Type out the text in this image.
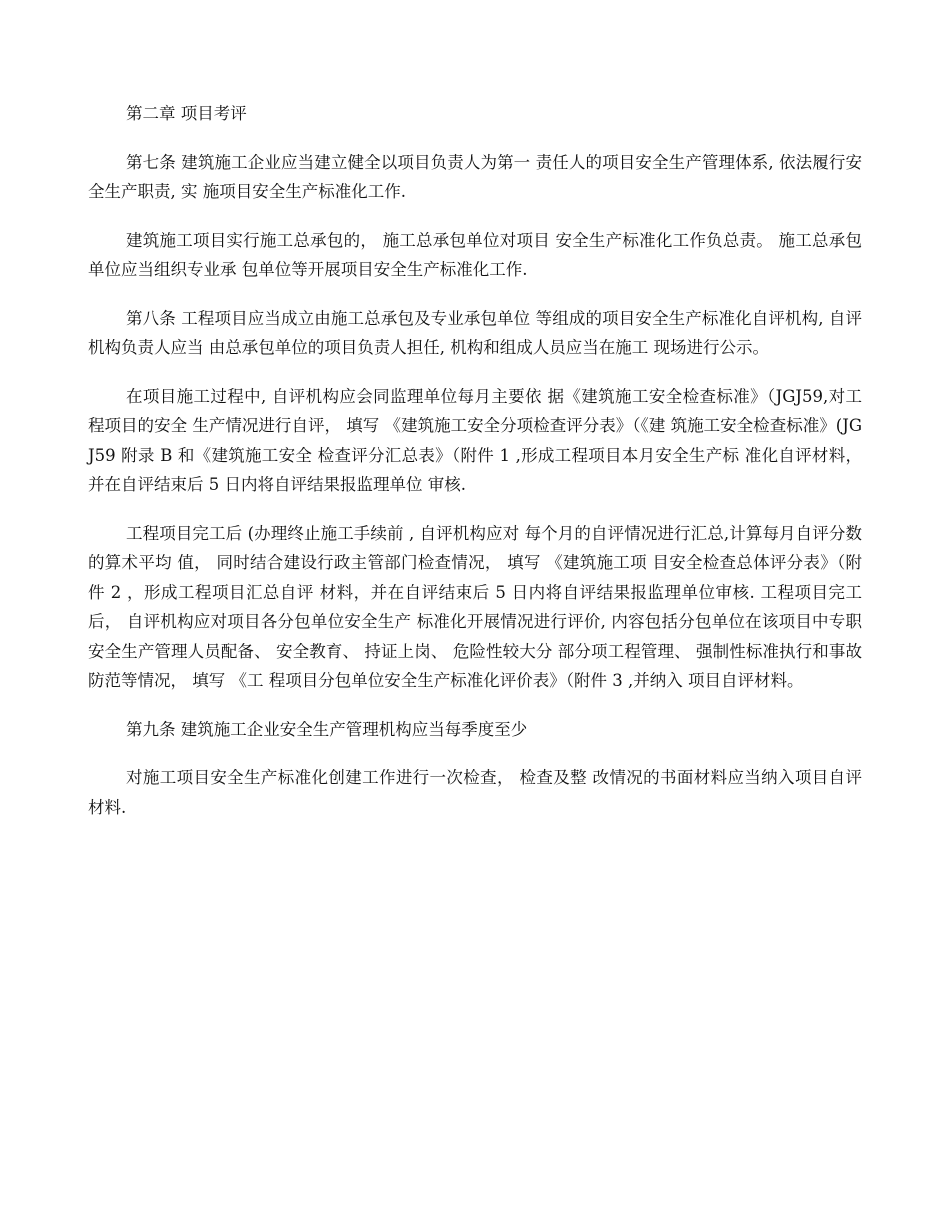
第二章 项目考评

第七条 建筑施工企业应当建立健全以项目负责人为第一 责任人的项目安全生产管理体系, 依法履行安全生产职责, 实 施项目安全生产标准化工作.

建筑施工项目实行施工总承包的， 施工总承包单位对项目 安全生产标准化工作负总责。 施工总承包单位应当组织专业承 包单位等开展项目安全生产标准化工作.

第八条 工程项目应当成立由施工总承包及专业承包单位 等组成的项目安全生产标准化自评机构, 自评机构负责人应当 由总承包单位的项目负责人担任, 机构和组成人员应当在施工 现场进行公示。

在项目施工过程中, 自评机构应会同监理单位每月主要依 据《建筑施工安全检查标准》（JGJ59,对工程项目的安全 生产情况进行自评， 填写 《建筑施工安全分项检查评分表》（《建 筑施工安全检查标准》(JGJ59 附录 B 和《建筑施工安全 检查评分汇总表》（附件 1 ,形成工程项目本月安全生产标 准化自评材料， 并在自评结束后 5 日内将自评结果报监理单位 审核.

工程项目完工后 (办理终止施工手续前 , 自评机构应对 每个月的自评情况进行汇总,计算每月自评分数的算术平均 值， 同时结合建设行政主管部门检查情况， 填写 《建筑施工项 目安全检查总体评分表》（附件 2 ，形成工程项目汇总自评 材料，并在自评结束后 5 日内将自评结果报监理单位审核. 工程项目完工后， 自评机构应对项目各分包单位安全生产 标准化开展情况进行评价, 内容包括分包单位在该项目中专职 安全生产管理人员配备、 安全教育、 持证上岗、 危险性较大分 部分项工程管理、 强制性标准执行和事故防范等情况， 填写 《工 程项目分包单位安全生产标准化评价表》（附件 3 ,并纳入 项目自评材料。

第九条 建筑施工企业安全生产管理机构应当每季度至少

对施工项目安全生产标准化创建工作进行一次检查， 检查及整 改情况的书面材料应当纳入项目自评材料.
